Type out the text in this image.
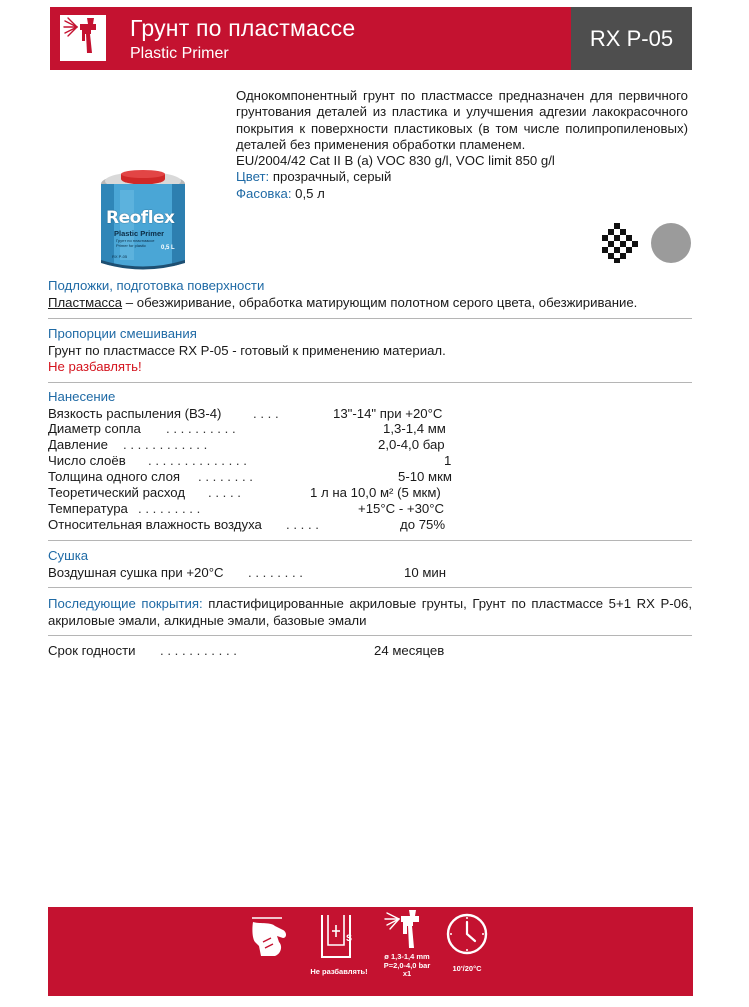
Грунт по пластмассе
Plastic Primer
RX P-05
Однокомпонентный грунт по пластмассе предназначен для первичного грунтования деталей из пластика и улучшения адгезии лакокрасочного покрытия к поверхности пластиковых (в том числе полипропиленовых) деталей без применения обработки пламенем.
EU/2004/42 Cat II B (a) VOC 830 g/l, VOC limit 850 g/l
Цвет: прозрачный, серый
Фасовка: 0,5 л
Reoflex
Plastic Primer
Грунт по пластмассе
Primer for plastic 0,5 L
RX P-05
Подложки, подготовка поверхности
Пластмасса – обезжиривание, обработка матирующим полотном серого цвета, обезжиривание.
Пропорции смешивания
Грунт по пластмассе RX P-05 - готовый к применению материал.
Не разбавлять!
Нанесение
Вязкость распыления (ВЗ-4) . . . .	13"-14" при +20°C
Диаметр сопла . . . . . . . . . .	1,3-1,4 мм
Давление . . . . . . . . . . . .	2,0-4,0 бар
Число слоёв . . . . . . . . . . . . . .	1
Толщина одного слоя . . . . . . . .	5-10 мкм
Теоретический расход . . . . .	1 л на 10,0 м² (5 мкм)
Температура . . . . . . . . .	+15°C - +30°C
Относительная влажность воздуха . . . . .	до 75%
Сушка
Воздушная сушка при +20°C . . . . . . . .	10 мин
Последующие покрытия: пластифицированные акриловые грунты, Грунт по пластмассе 5+1 RX P-06, акриловые эмали, алкидные эмали, базовые эмали
Срок годности . . . . . . . . . . .	24 месяцев
S
Не разбавлять!
ø 1,3-1,4 mm
P=2,0-4,0 bar
x1
10'/20°C
